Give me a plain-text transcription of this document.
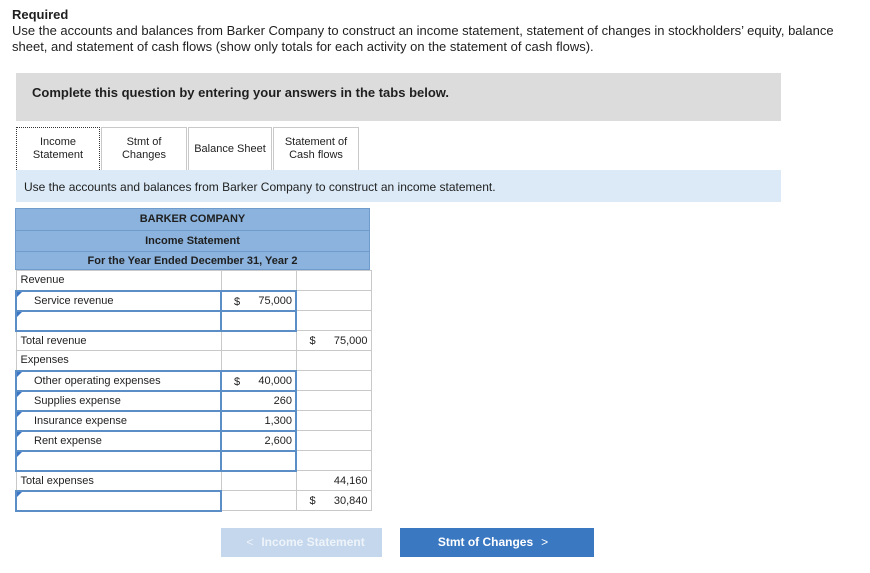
Required
Use the accounts and balances from Barker Company to construct an income statement, statement of changes in stockholders’ equity, balance sheet, and statement of cash flows (show only totals for each activity on the statement of cash flows).
Complete this question by entering your answers in the tabs below.
Income
Statement
Stmt of
Changes
Balance Sheet
Statement of
Cash flows
Use the accounts and balances from Barker Company to construct an income statement.
BARKER COMPANY
Income Statement
For the Year Ended December 31, Year 2
Revenue		

Service revenue	$ 75,000	

Total revenue		$ 75,000
Expenses		

Other operating expenses	$ 40,000	

Supplies expense	260	

Insurance expense	1,300	

Rent expense	2,600	

Total expenses		44,160

		$ 30,840
< Income Statement	Stmt of Changes >
